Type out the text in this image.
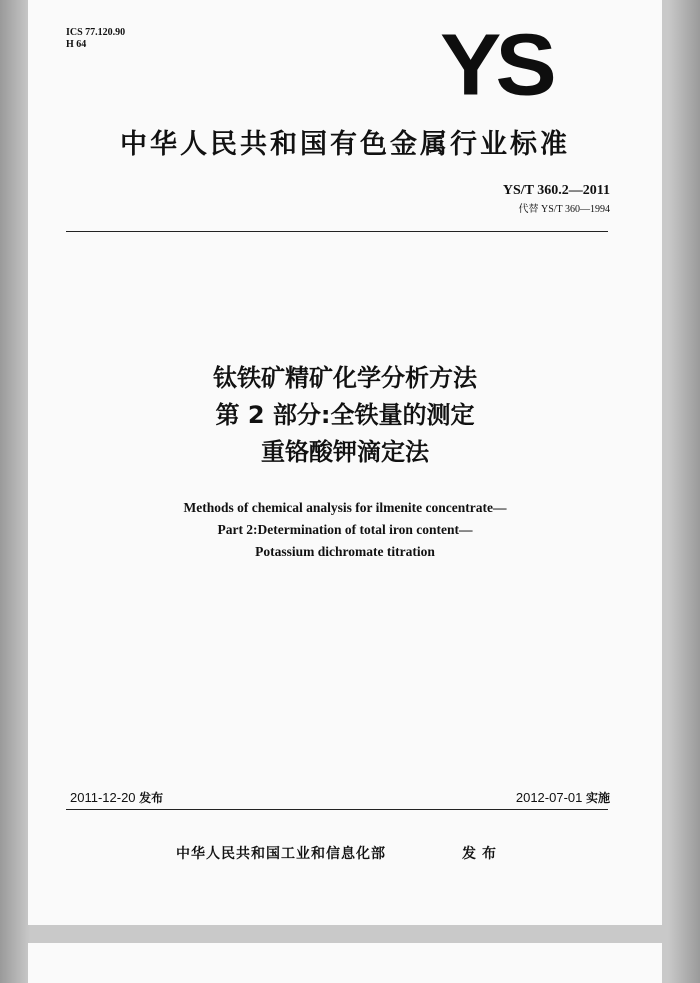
ICS 77.120.90
H 64	YS
中华人民共和国有色金属行业标准
YS/T 360.2—2011
代替 YS/T 360—1994
钛铁矿精矿化学分析方法
第 2 部分:全铁量的测定
重铬酸钾滴定法
Methods of chemical analysis for ilmenite concentrate—
Part 2:Determination of total iron content—
Potassium dichromate titration
2011-12-20 发布	2012-07-01 实施
中华人民共和国工业和信息化部	发布
